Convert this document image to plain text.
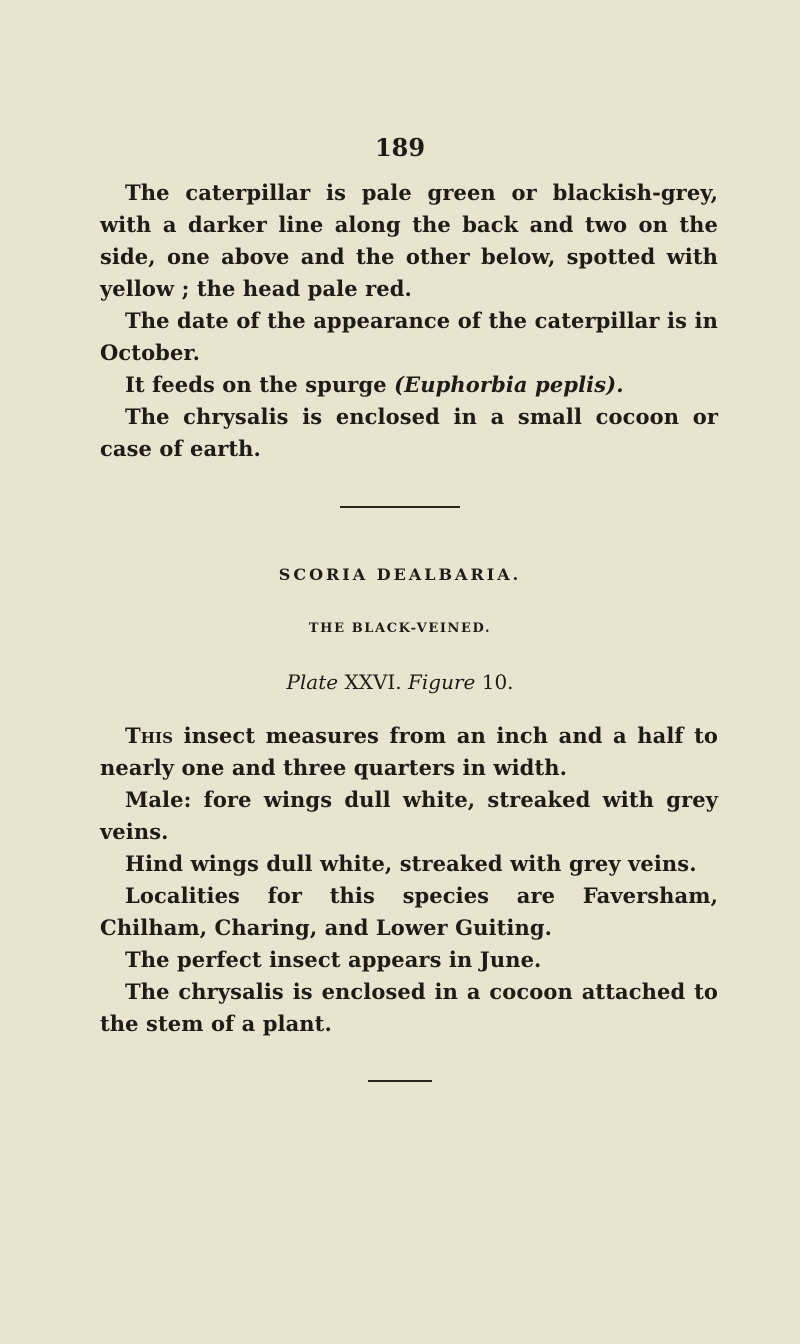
189

The caterpillar is pale green or blackish-grey, with a darker line along the back and two on the side, one above and the other below, spotted with yellow ; the head pale red.

The date of the appearance of the caterpillar is in October.

It feeds on the spurge (Euphorbia peplis).

The chrysalis is enclosed in a small cocoon or case of earth.

SCORIA DEALBARIA.
THE BLACK-VEINED.
Plate XXVI. Figure 10.

This insect measures from an inch and a half to nearly one and three quarters in width.

Male: fore wings dull white, streaked with grey veins.

Hind wings dull white, streaked with grey veins.

Localities for this species are Faversham, Chilham, Charing, and Lower Guiting.

The perfect insect appears in June.

The chrysalis is enclosed in a cocoon attached to the stem of a plant.
